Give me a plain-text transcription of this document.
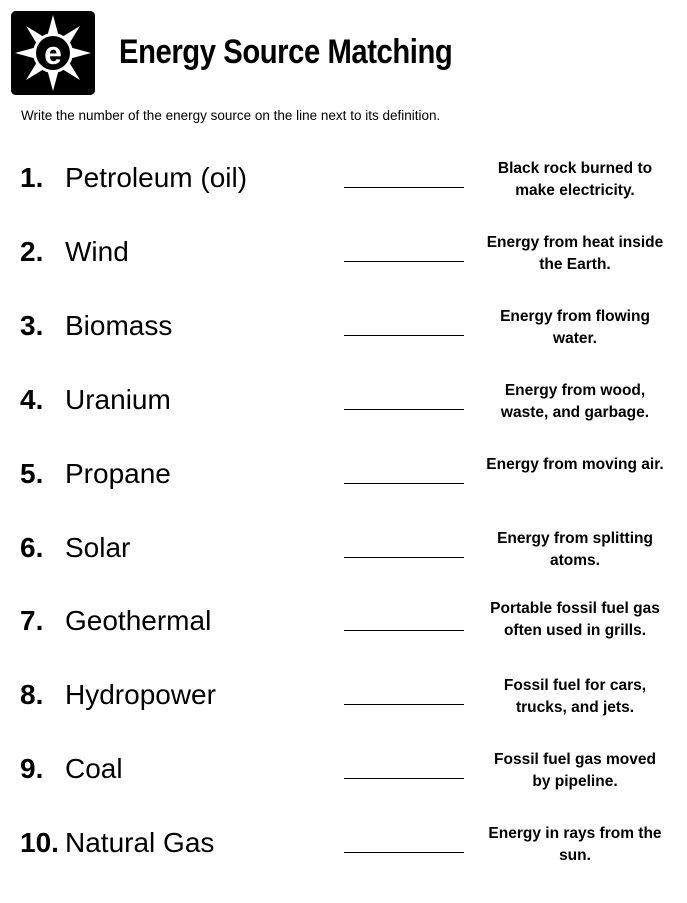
e Energy Source Matching
Write the number of the energy source on the line next to its definition.
1. Petroleum (oil)	Black rock burned to make electricity.
2. Wind	Energy from heat inside the Earth.
3. Biomass	Energy from flowing water.
4. Uranium	Energy from wood, waste, and garbage.
5. Propane	Energy from moving air.
6. Solar	Energy from splitting atoms.
7. Geothermal	Portable fossil fuel gas often used in grills.
8. Hydropower	Fossil fuel for cars, trucks, and jets.
9. Coal	Fossil fuel gas moved by pipeline.
10. Natural Gas	Energy in rays from the sun.
